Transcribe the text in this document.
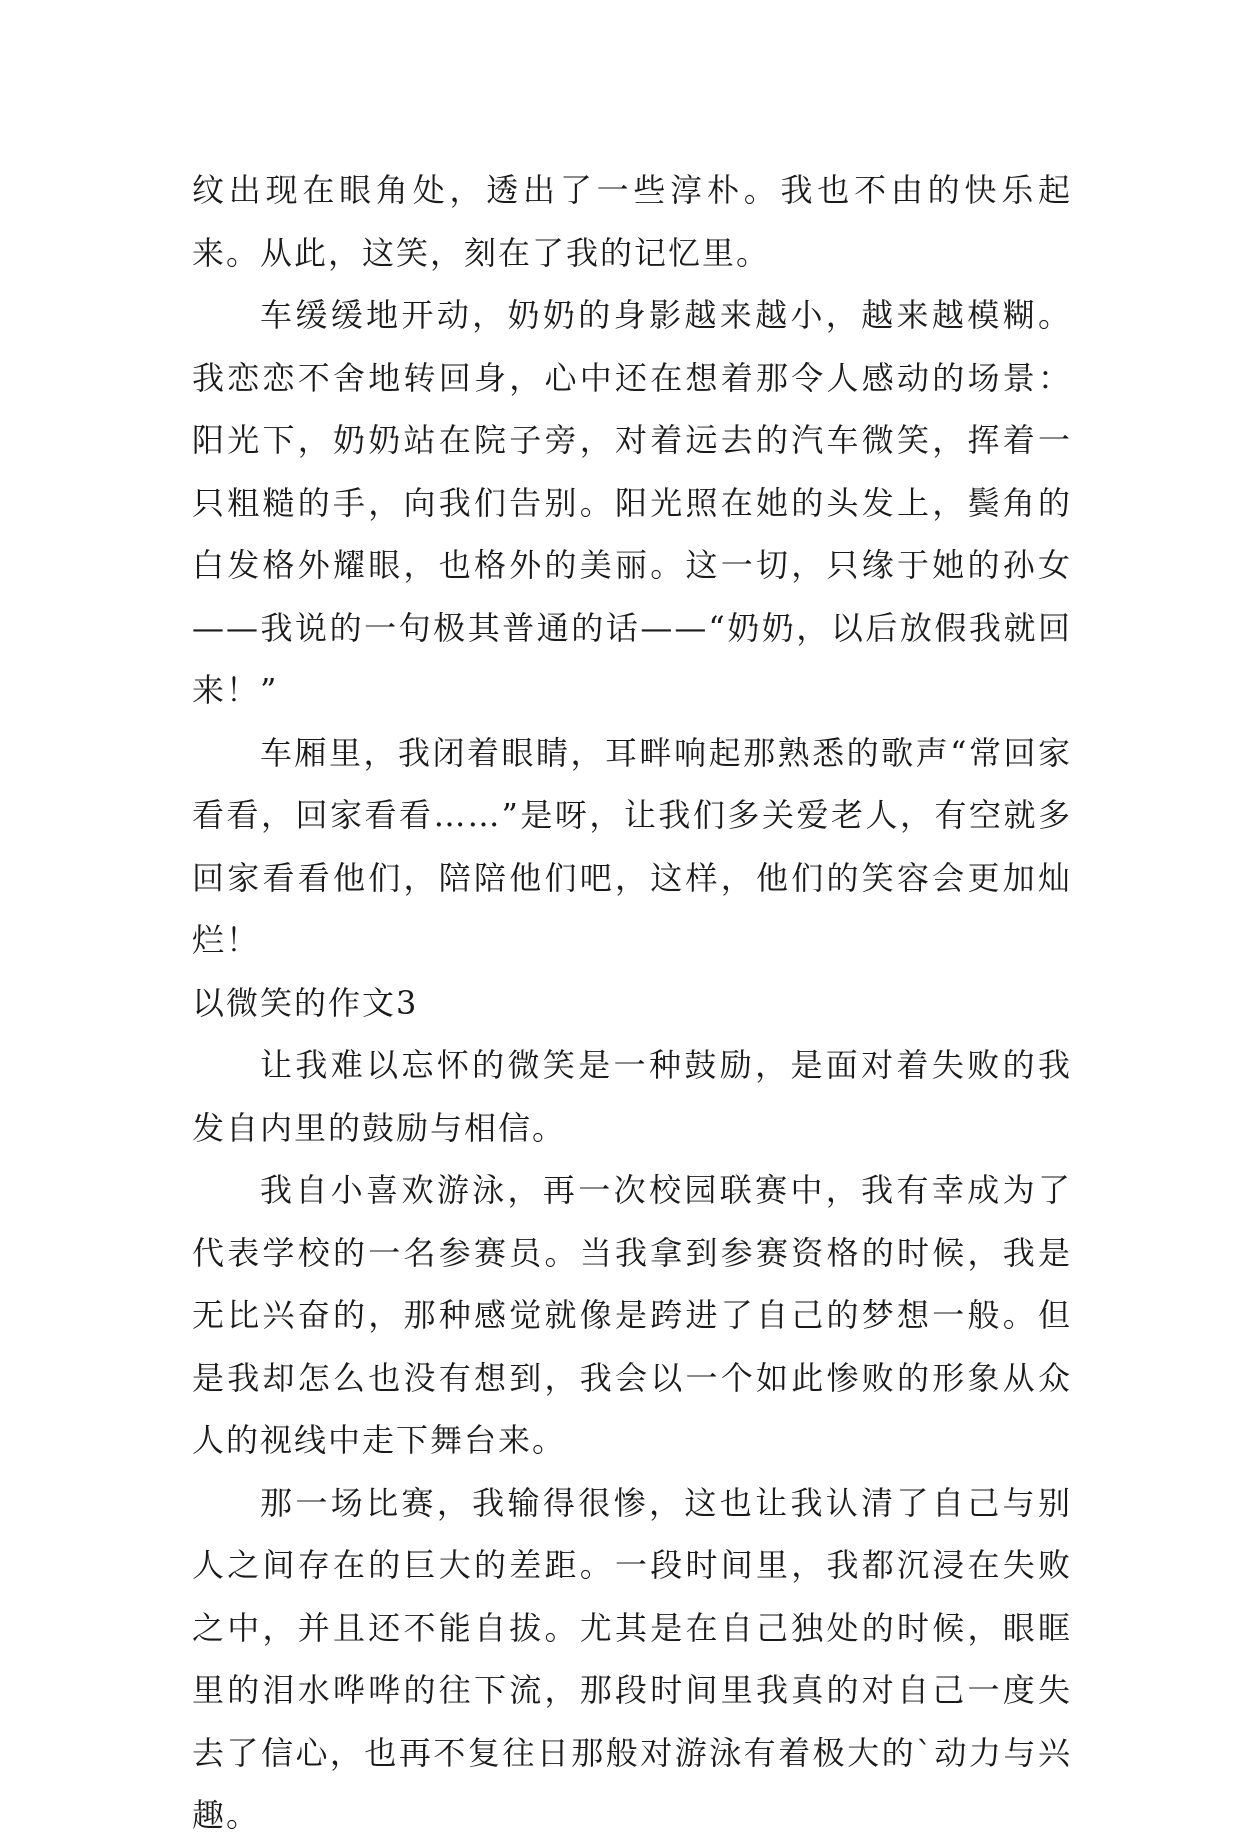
纹出现在眼角处，透出了一些淳朴。我也不由的快乐起来。从此，这笑，刻在了我的记忆里。

车缓缓地开动，奶奶的身影越来越小，越来越模糊。我恋恋不舍地转回身，心中还在想着那令人感动的场景：阳光下，奶奶站在院子旁，对着远去的汽车微笑，挥着一只粗糙的手，向我们告别。阳光照在她的头发上，鬓角的白发格外耀眼，也格外的美丽。这一切，只缘于她的孙女——我说的一句极其普通的话——“奶奶，以后放假我就回来！”

车厢里，我闭着眼睛，耳畔响起那熟悉的歌声“常回家看看，回家看看……”是呀，让我们多关爱老人，有空就多回家看看他们，陪陪他们吧，这样，他们的笑容会更加灿烂！

以微笑的作文3

让我难以忘怀的微笑是一种鼓励，是面对着失败的我发自内里的鼓励与相信。

我自小喜欢游泳，再一次校园联赛中，我有幸成为了代表学校的一名参赛员。当我拿到参赛资格的时候，我是无比兴奋的，那种感觉就像是跨进了自己的梦想一般。但是我却怎么也没有想到，我会以一个如此惨败的形象从众人的视线中走下舞台来。

那一场比赛，我输得很惨，这也让我认清了自己与别人之间存在的巨大的差距。一段时间里，我都沉浸在失败之中，并且还不能自拔。尤其是在自己独处的时候，眼眶里的泪水哗哗的往下流，那段时间里我真的对自己一度失去了信心，也再不复往日那般对游泳有着极大的`动力与兴趣。
